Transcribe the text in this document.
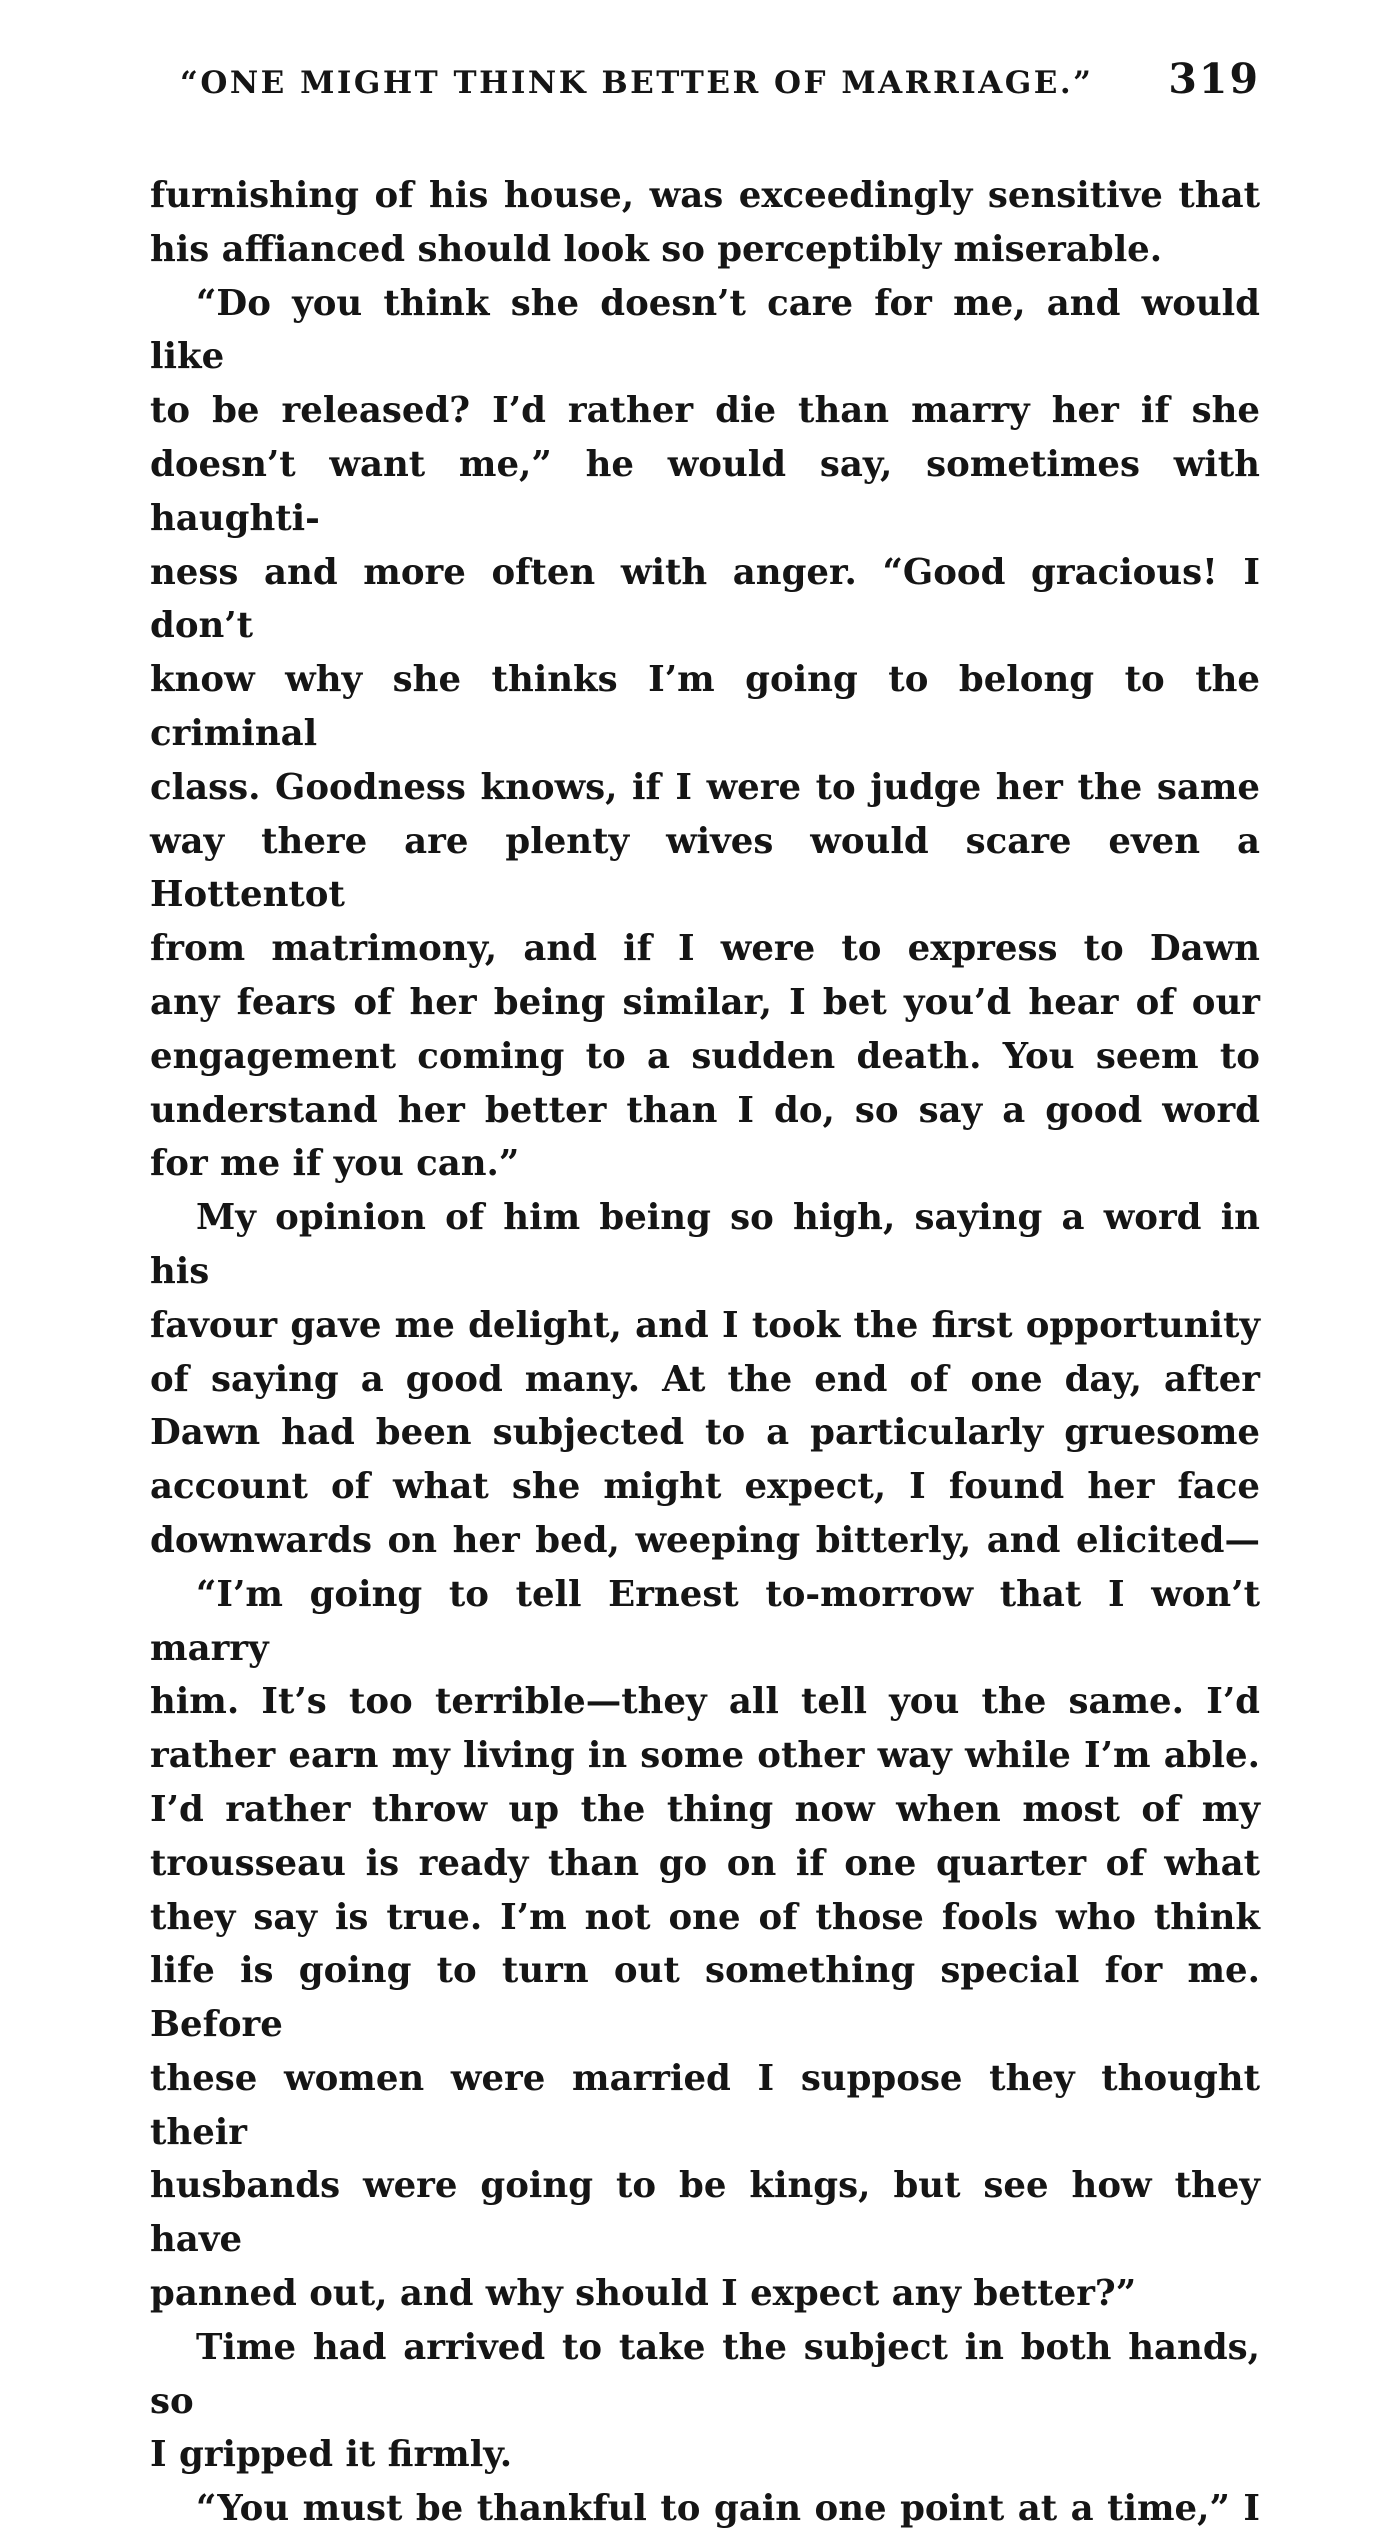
“ONE MIGHT THINK BETTER OF MARRIAGE.” 319

furnishing of his house, was exceedingly sensitive that

his affianced should look so perceptibly miserable.

“Do you think she doesn’t care for me, and would like

to be released? I’d rather die than marry her if she

doesn’t want me,” he would say, sometimes with haughti-

ness and more often with anger. “Good gracious! I don’t

know why she thinks I’m going to belong to the criminal

class. Goodness knows, if I were to judge her the same

way there are plenty wives would scare even a Hottentot

from matrimony, and if I were to express to Dawn

any fears of her being similar, I bet you’d hear of our

engagement coming to a sudden death. You seem to

understand her better than I do, so say a good word

for me if you can.”

My opinion of him being so high, saying a word in his

favour gave me delight, and I took the first opportunity

of saying a good many. At the end of one day, after

Dawn had been subjected to a particularly gruesome

account of what she might expect, I found her face

downwards on her bed, weeping bitterly, and elicited—

“I’m going to tell Ernest to-morrow that I won’t marry

him. It’s too terrible—they all tell you the same. I’d

rather earn my living in some other way while I’m able.

I’d rather throw up the thing now when most of my

trousseau is ready than go on if one quarter of what

they say is true. I’m not one of those fools who think

life is going to turn out something special for me. Before

these women were married I suppose they thought their

husbands were going to be kings, but see how they have

panned out, and why should I expect any better?”

Time had arrived to take the subject in both hands, so

I gripped it firmly.

“You must be thankful to gain one point at a time,” I
